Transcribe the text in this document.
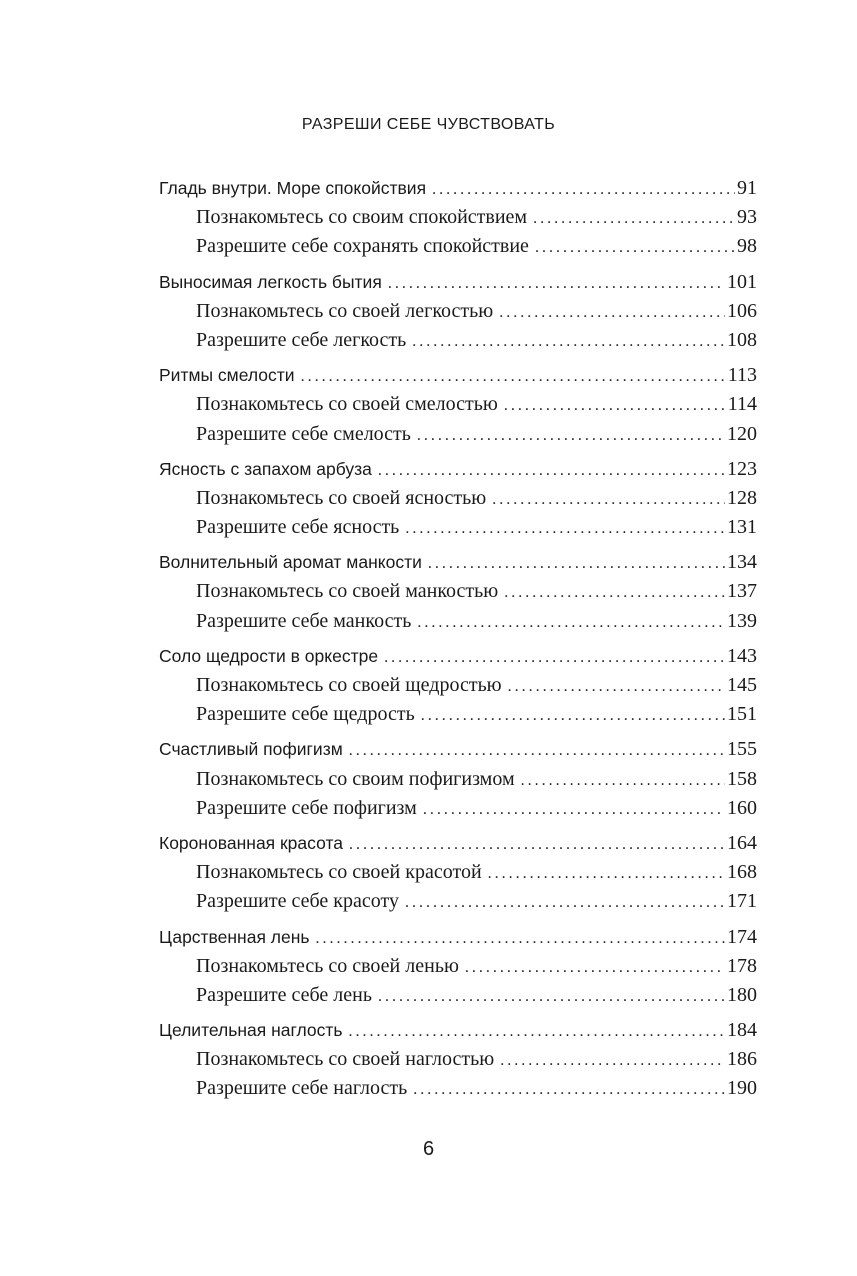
РАЗРЕШИ СЕБЕ ЧУВСТВОВАТЬ
Гладь внутри. Море спокойствия . . .	91
Познакомьтесь со своим спокойствием . . .	93
Разрешите себе сохранять спокойствие . . .	98
Выносимая легкость бытия . . .	101
Познакомьтесь со своей легкостью . . .	106
Разрешите себе легкость . . .	108
Ритмы смелости . . .	113
Познакомьтесь со своей смелостью . . .	114
Разрешите себе смелость . . .	120
Ясность с запахом арбуза . . .	123
Познакомьтесь со своей ясностью . . .	128
Разрешите себе ясность . . .	131
Волнительный аромат манкости . . .	134
Познакомьтесь со своей манкостью . . .	137
Разрешите себе манкость . . .	139
Соло щедрости в оркестре . . .	143
Познакомьтесь со своей щедростью . . .	145
Разрешите себе щедрость . . .	151
Счастливый пофигизм . . .	155
Познакомьтесь со своим пофигизмом . . .	158
Разрешите себе пофигизм . . .	160
Коронованная красота . . .	164
Познакомьтесь со своей красотой . . .	168
Разрешите себе красоту . . .	171
Царственная лень . . .	174
Познакомьтесь со своей ленью . . .	178
Разрешите себе лень . . .	180
Целительная наглость . . .	184
Познакомьтесь со своей наглостью . . .	186
Разрешите себе наглость . . .	190
6
